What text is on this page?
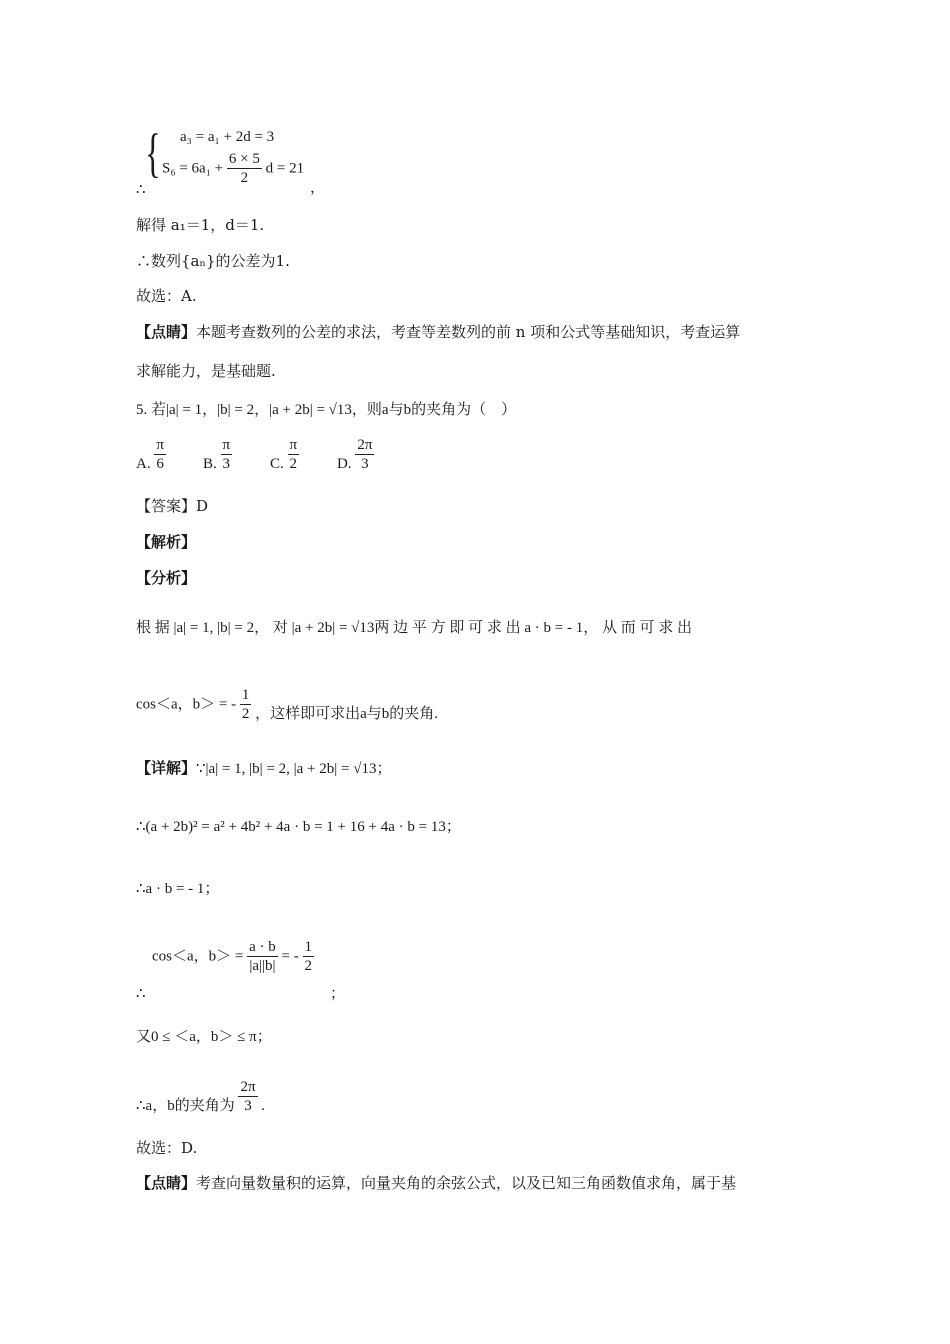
{ a₃ = a₁ + 2d = 3
$S_6 = 6a_1 + \frac{6 \times 5}{2}$ d = 21
∴	，
解得 a₁＝1，d＝1.
∴数列{aₙ}的公差为1.
故选：A.
【点睛】本题考查数列的公差的求法，考查等差数列的前 n 项和公式等基础知识，考查运算
求解能力，是基础题.
5. 若|a| = 1，|b| = 2，|a + 2b| = √13，则a与b的夹角为（　）
A. $\frac{\pi}{6} B$. $\frac{\pi}{3}$	C. $\frac{\pi}{2}$	D. $\frac{2\pi}{3}$
【答案】D
【解析】
【分析】
根 据 |a| = 1, |b| = 2， 对 |a + 2b| = √13两 边 平 方 即 可 求 出 a · b = - 1， 从 而 可 求 出
cos＜a，b＞ = - $\frac{1}{2}$ ，这样即可求出a与b的夹角.
【详解】∵|a| = 1, |b| = 2, |a + 2b| = √13；
∴(a + 2b)² = a² + 4b² + 4a · b = 1 + 16 + 4a · b = 13；
∴a · b = - 1；
cos＜a，$b> = \frac{a \cdot b}{|a||b|}$ = - $\frac{1}{2}$
∴	；
又0 ≤ ＜a，b＞ ≤ π；
∴a，b的夹角为 $\frac{2\pi}{3}$ .
故选：D.
【点睛】考查向量数量积的运算，向量夹角的余弦公式，以及已知三角函数值求角，属于基
